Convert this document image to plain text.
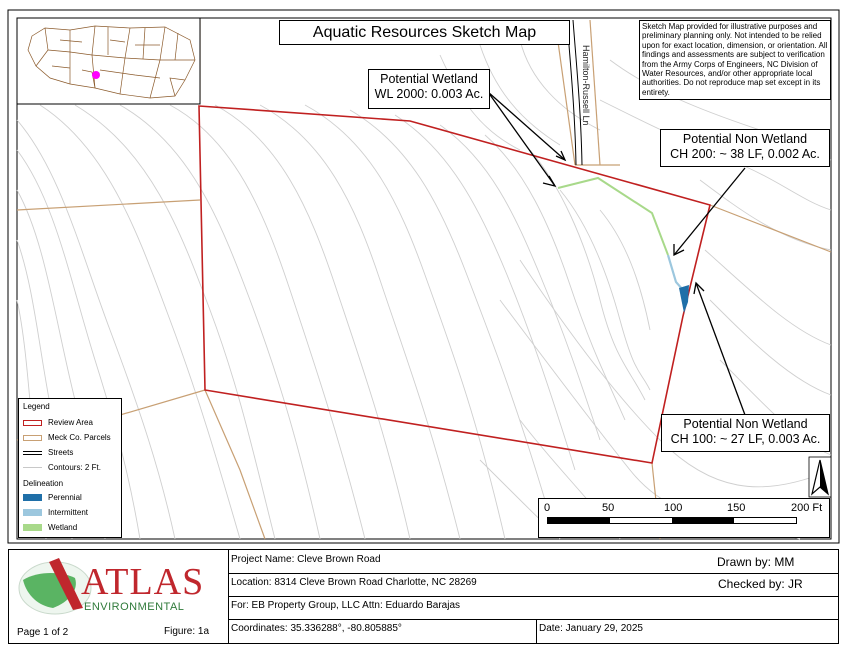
Hamilton-Russell Ln
Aquatic Resources Sketch Map	Sketch Map provided for illustrative purposes and preliminary planning only. Not intended to be relied upon for exact location, dimension, or orientation. All findings and assessments are subject to verification from the Army Corps of Engineers, NC Division of Water Resources, and/or other appropriate local authorities. Do not reproduce map set except in its entirety.
Potential Wetland
WL 2000: 0.003 Ac.
Potential Non Wetland
CH 200: ~ 38 LF, 0.002 Ac.
Potential Non Wetland
CH 100: ~ 27 LF, 0.003 Ac.
Legend
Review Area
Meck Co. Parcels
Streets
Contours: 2 Ft.
Delineation
Perennial
Intermittent
Wetland
0	50	100	150	200 Ft
ATLAS
ENVIRONMENTAL
Page 1 of 2	Figure: 1a
Project Name: Cleve Brown Road
Location: 8314 Cleve Brown Road Charlotte, NC 28269
For: EB Property Group, LLC Attn: Eduardo Barajas
Coordinates: 35.336288°, -80.805885°	Date: January 29, 2025
Drawn by: MM
Checked by: JR
